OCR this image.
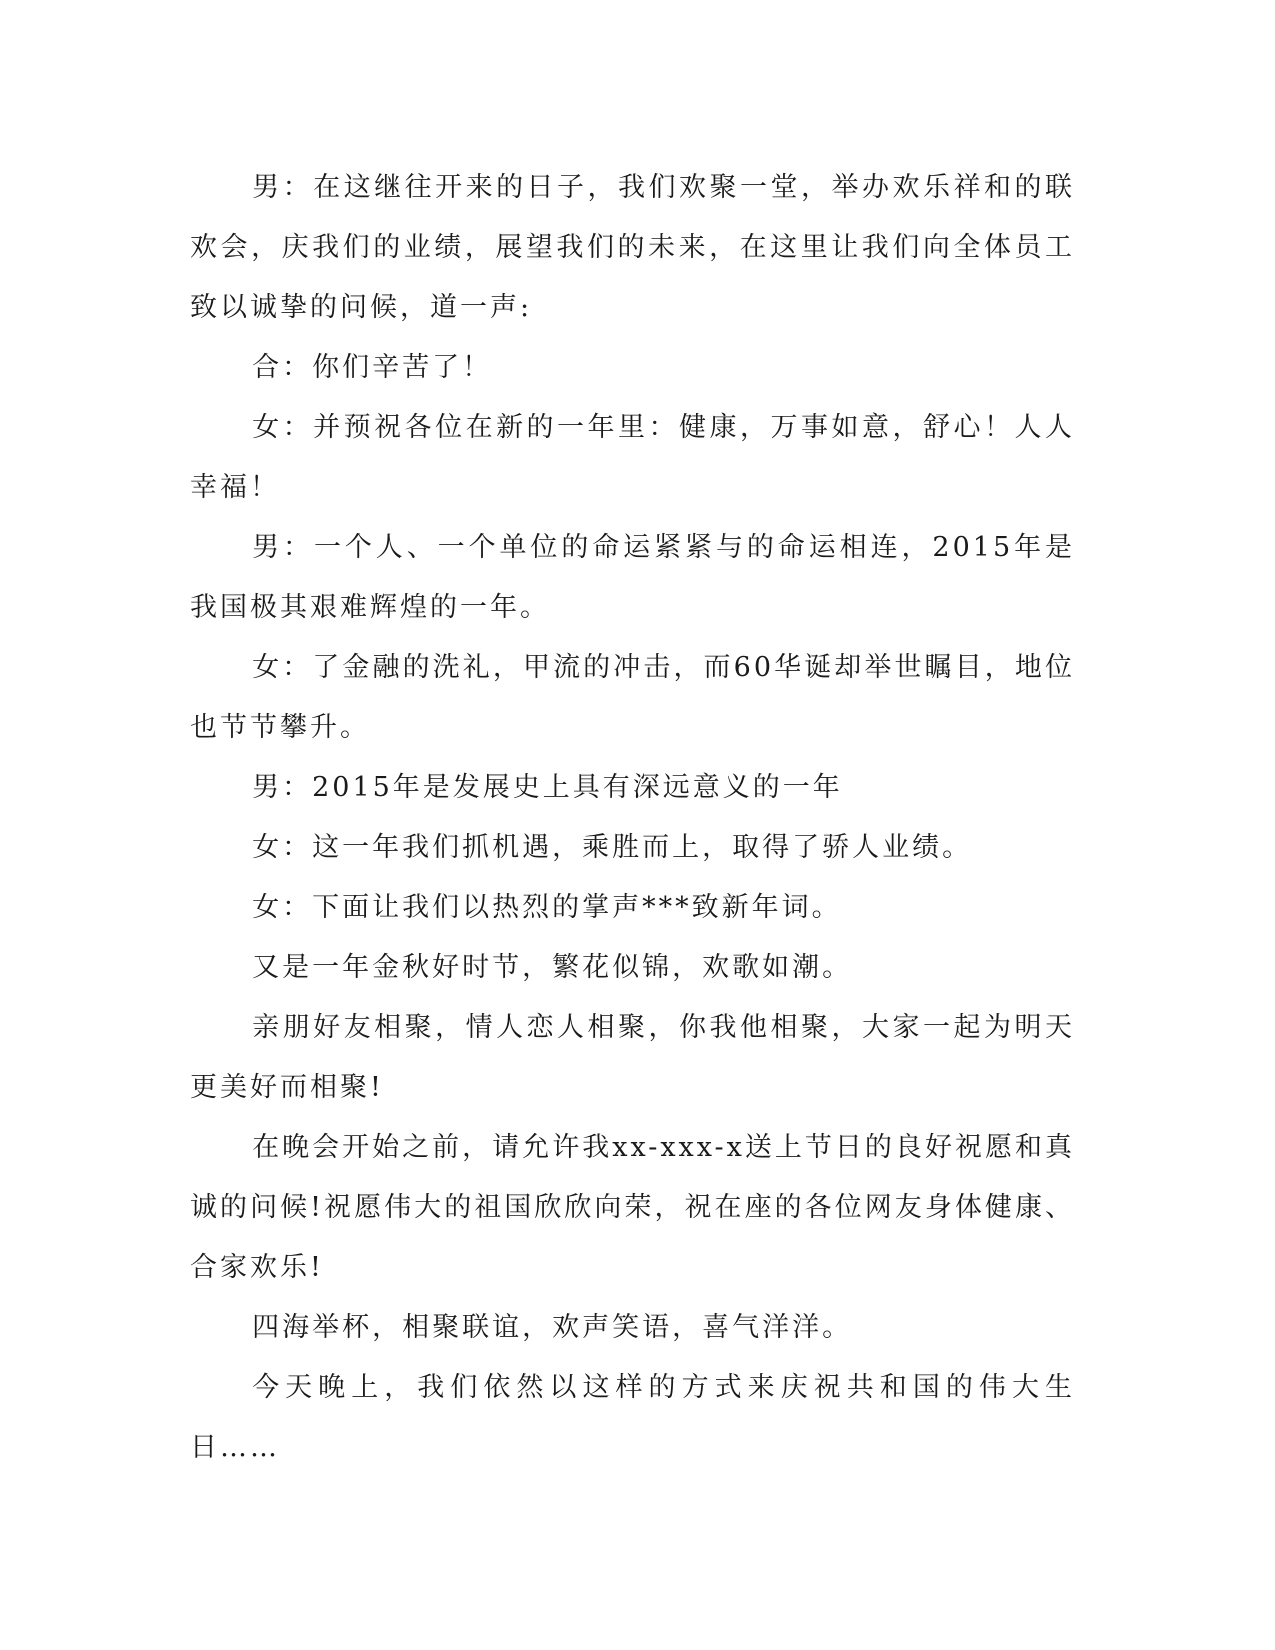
男：在这继往开来的日子，我们欢聚一堂，举办欢乐祥和的联欢会，庆我们的业绩，展望我们的未来，在这里让我们向全体员工致以诚挚的问候，道一声:

合：你们辛苦了！

女：并预祝各位在新的一年里：健康，万事如意，舒心！人人幸福！

男：一个人、一个单位的命运紧紧与的命运相连，2015年是我国极其艰难辉煌的一年。

女：了金融的洗礼，甲流的冲击，而60华诞却举世瞩目，地位也节节攀升。

男：2015年是发展史上具有深远意义的一年

女：这一年我们抓机遇，乘胜而上，取得了骄人业绩。

女：下面让我们以热烈的掌声***致新年词。

又是一年金秋好时节，繁花似锦，欢歌如潮。

亲朋好友相聚，情人恋人相聚，你我他相聚，大家一起为明天更美好而相聚!

在晚会开始之前，请允许我xx-xxx-x送上节日的良好祝愿和真诚的问候!祝愿伟大的祖国欣欣向荣，祝在座的各位网友身体健康、合家欢乐!

四海举杯，相聚联谊，欢声笑语，喜气洋洋。

今天晚上，我们依然以这样的方式来庆祝共和国的伟大生日……
